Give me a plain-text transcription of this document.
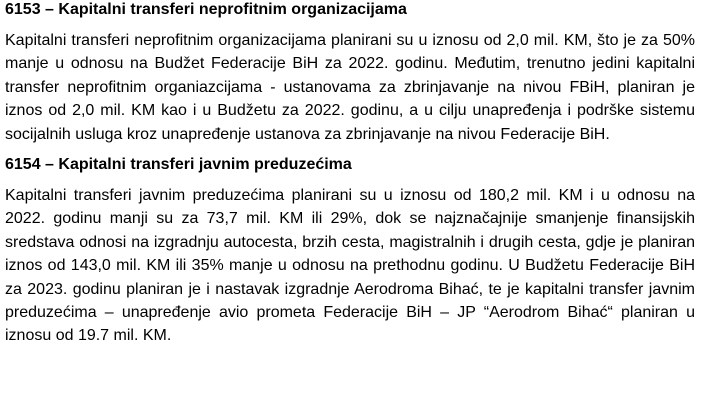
6153 – Kapitalni transferi neprofitnim organizacijama

Kapitalni transferi neprofitnim organizacijama planirani su u iznosu od 2,0 mil. KM, što je za 50% manje u odnosu na Budžet Federacije BiH za 2022. godinu. Međutim, trenutno jedini kapitalni transfer neprofitnim organiazcijama - ustanovama za zbrinjavanje na nivou FBiH, planiran je iznos od 2,0 mil. KM kao i u Budžetu za 2022. godinu, a u cilju unapređenja i podrške sistemu socijalnih usluga kroz unapređenje ustanova za zbrinjavanje na nivou Federacije BiH.

6154 – Kapitalni transferi javnim preduzećima

Kapitalni transferi javnim preduzećima planirani su u iznosu od 180,2 mil. KM i u odnosu na 2022. godinu manji su za 73,7 mil. KM ili 29%, dok se najznačajnije smanjenje finansijskih sredstava odnosi na izgradnju autocesta, brzih cesta, magistralnih i drugih cesta, gdje je planiran iznos od 143,0 mil. KM ili 35% manje u odnosu na prethodnu godinu. U Budžetu Federacije BiH za 2023. godinu planiran je i nastavak izgradnje Aerodroma Bihać, te je kapitalni transfer javnim preduzećima – unapređenje avio prometa Federacije BiH – JP “Aerodrom Bihać“ planiran u iznosu od 19.7 mil. KM.
